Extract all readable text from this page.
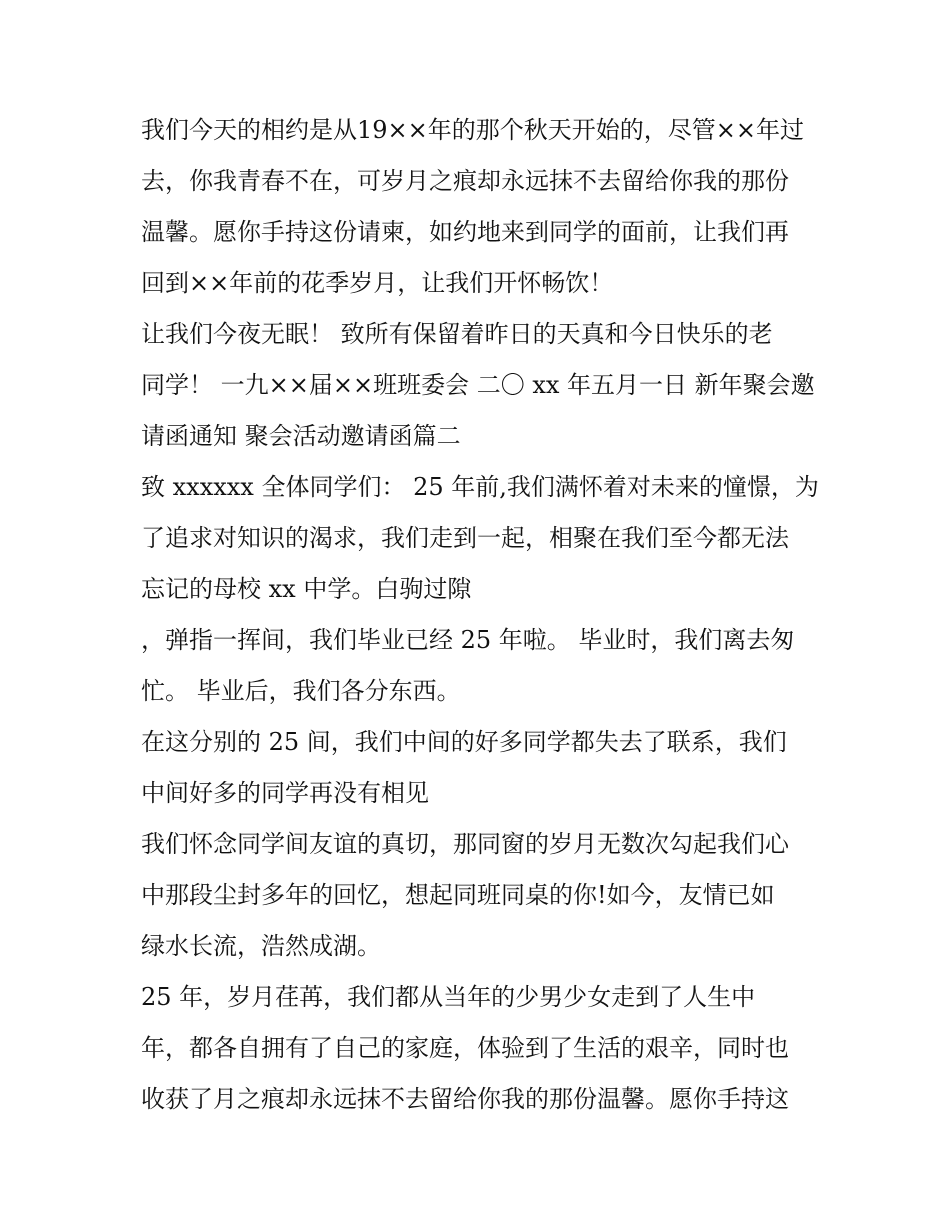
我们今天的相约是从19××年的那个秋天开始的，尽管××年过
去，你我青春不在，可岁月之痕却永远抹不去留给你我的那份
温馨。愿你手持这份请柬，如约地来到同学的面前，让我们再
回到××年前的花季岁月，让我们开怀畅饮！
让我们今夜无眠！ 致所有保留着昨日的天真和今日快乐的老
同学！ 一九××届××班班委会 二〇 xx 年五月一日 新年聚会邀
请函通知 聚会活动邀请函篇二
致 xxxxxx 全体同学们： 25 年前,我们满怀着对未来的憧憬，为
了追求对知识的渴求，我们走到一起，相聚在我们至今都无法
忘记的母校 xx 中学。白驹过隙
，弹指一挥间，我们毕业已经 25 年啦。 毕业时，我们离去匆
忙。 毕业后，我们各分东西。
在这分别的 25 间，我们中间的好多同学都失去了联系，我们
中间好多的同学再没有相见
我们怀念同学间友谊的真切，那同窗的岁月无数次勾起我们心
中那段尘封多年的回忆，想起同班同桌的你!如今，友情已如
绿水长流，浩然成湖。
25 年，岁月荏苒，我们都从当年的少男少女走到了人生中
年，都各自拥有了自己的家庭，体验到了生活的艰辛，同时也
收获了月之痕却永远抹不去留给你我的那份温馨。愿你手持这
